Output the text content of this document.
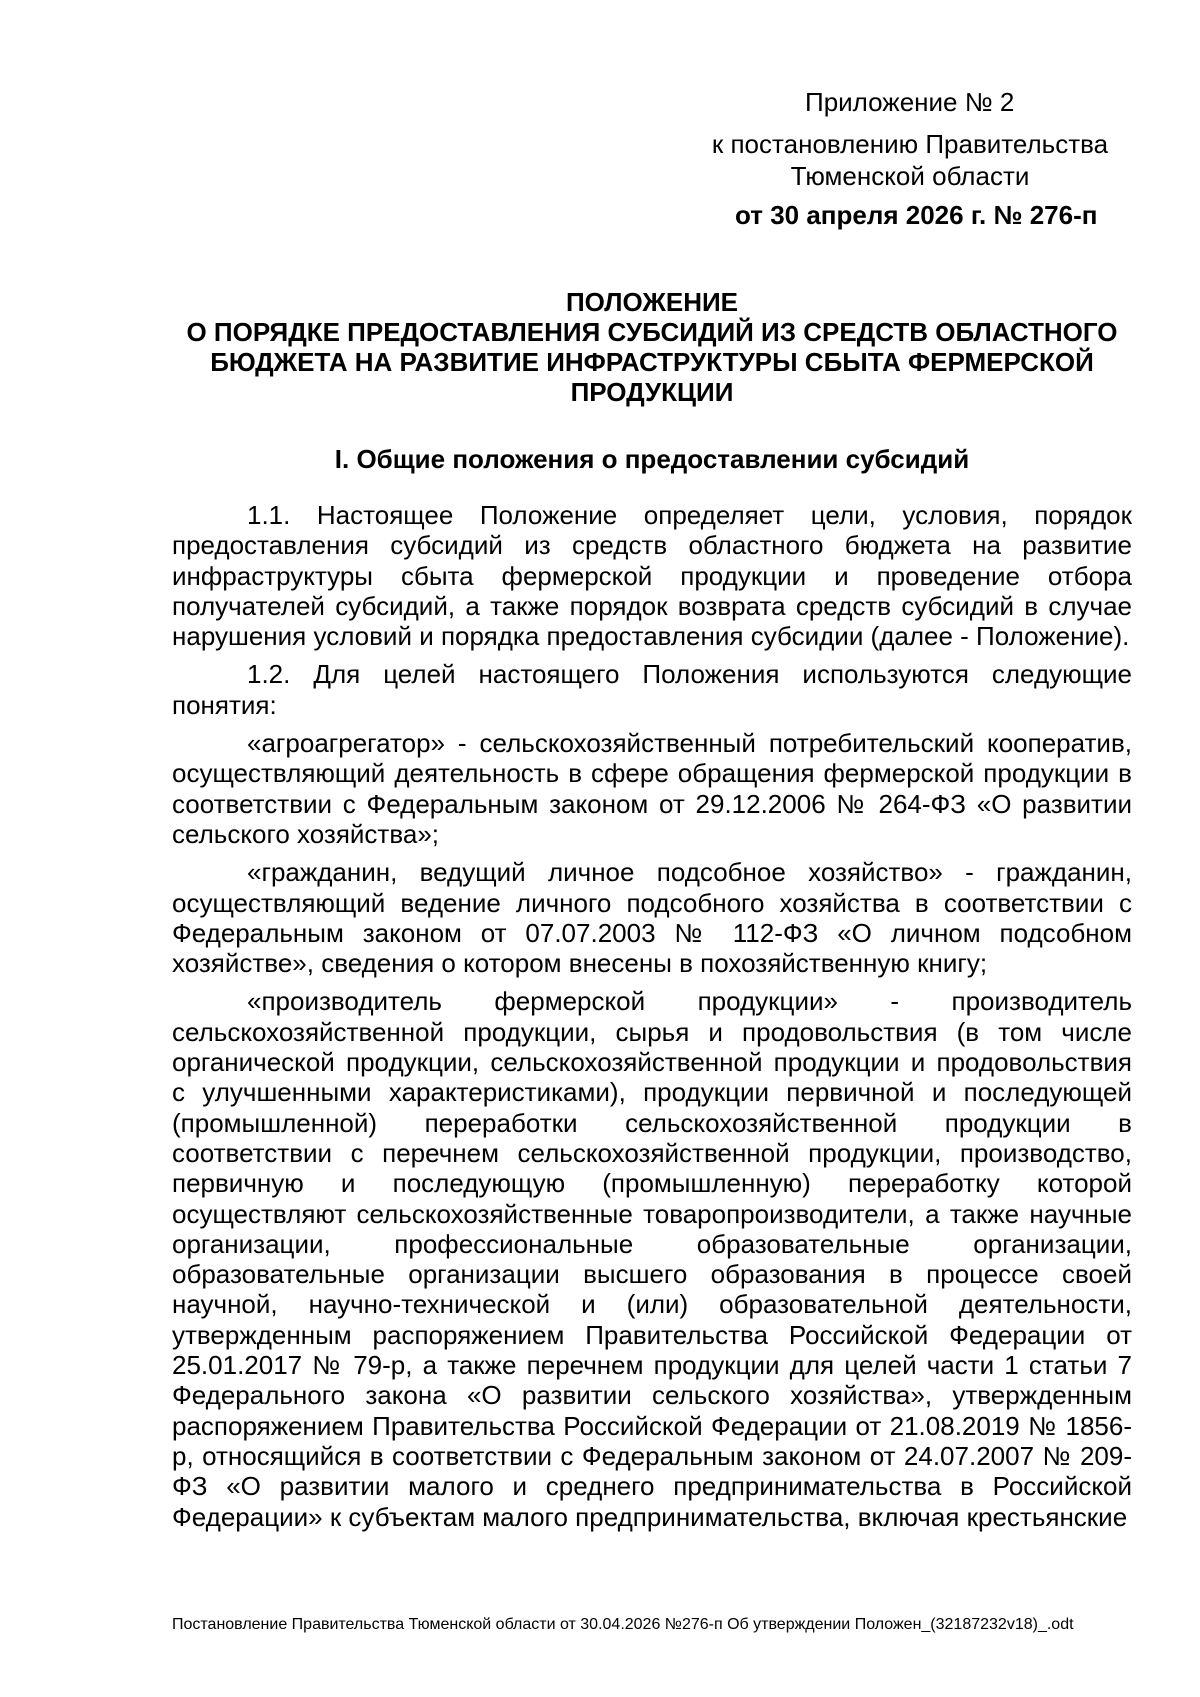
Приложение № 2
к постановлению Правительства
Тюменской области
от 30 апреля 2026 г. № 276-п
ПОЛОЖЕНИЕ
О ПОРЯДКЕ ПРЕДОСТАВЛЕНИЯ СУБСИДИЙ ИЗ СРЕДСТВ ОБЛАСТНОГО
БЮДЖЕТА НА РАЗВИТИЕ ИНФРАСТРУКТУРЫ СБЫТА ФЕРМЕРСКОЙ
ПРОДУКЦИИ
I. Общие положения о предоставлении субсидий

1.1. Настоящее Положение определяет цели, условия, порядок предоставления субсидий из средств областного бюджета на развитие инфраструктуры сбыта фермерской продукции и проведение отбора получателей субсидий, а также порядок возврата средств субсидий в случае нарушения условий и порядка предоставления субсидии (далее - Положение).

1.2. Для целей настоящего Положения используются следующие понятия:

«агроагрегатор» - сельскохозяйственный потребительский кооператив, осуществляющий деятельность в сфере обращения фермерской продукции в соответствии с Федеральным законом от 29.12.2006 № 264-ФЗ «О развитии сельского хозяйства»;

«гражданин, ведущий личное подсобное хозяйство» - гражданин, осуществляющий ведение личного подсобного хозяйства в соответствии с Федеральным законом от 07.07.2003 № 112-ФЗ «О личном подсобном хозяйстве», сведения о котором внесены в похозяйственную книгу;

«производитель фермерской продукции» - производитель сельскохозяйственной продукции, сырья и продовольствия (в том числе органической продукции, сельскохозяйственной продукции и продовольствия с улучшенными характеристиками), продукции первичной и последующей (промышленной) переработки сельскохозяйственной продукции в соответствии с перечнем сельскохозяйственной продукции, производство, первичную и последующую (промышленную) переработку которой осуществляют сельскохозяйственные товаропроизводители, а также научные организации, профессиональные образовательные организации, образовательные организации высшего образования в процессе своей научной, научно-технической и (или) образовательной деятельности, утвержденным распоряжением Правительства Российской Федерации от 25.01.2017 № 79-р, а также перечнем продукции для целей части 1 статьи 7 Федерального закона «О развитии сельского хозяйства», утвержденным распоряжением Правительства Российской Федерации от 21.08.2019 № 1856-р, относящийся в соответствии с Федеральным законом от 24.07.2007 № 209-ФЗ «О развитии малого и среднего предпринимательства в Российской Федерации» к субъектам малого предпринимательства, включая крестьянские

Постановление Правительства Тюменской области от 30.04.2026 №276-п Об утверждении Положен_(32187232v18)_.odt
